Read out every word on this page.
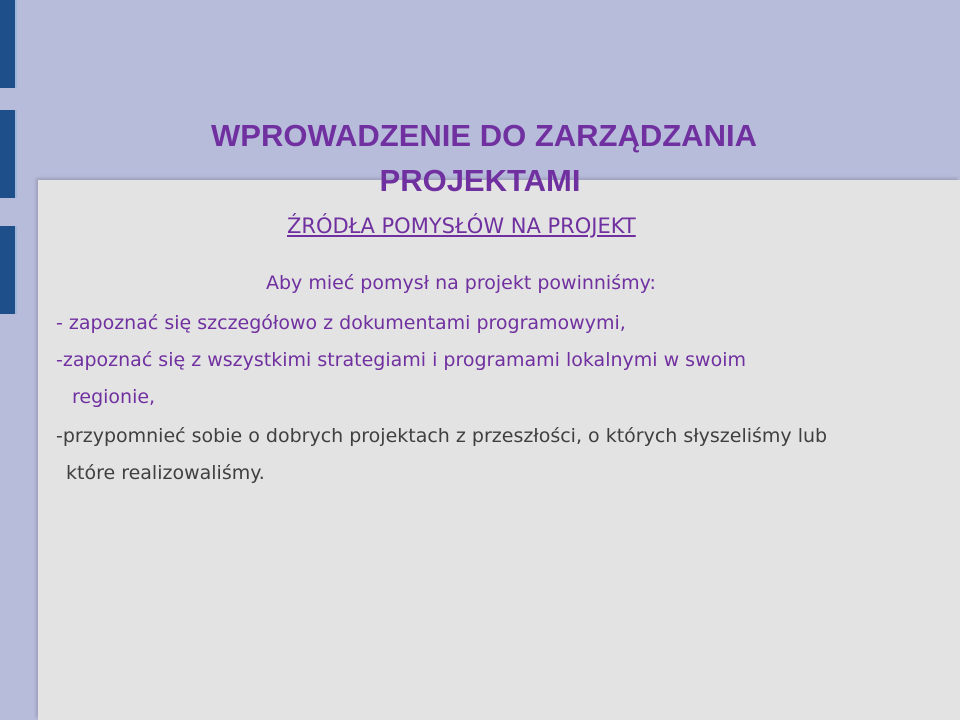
WPROWADZENIE DO ZARZĄDZANIA
PROJEKTAMI
ŹRÓDŁA POMYSŁÓW NA PROJEKT
Aby mieć pomysł na projekt powinniśmy:

- zapoznać się szczegółowo z dokumentami programowymi,

-zapoznać się z wszystkimi strategiami i programami lokalnymi w swoim
regionie,

-przypomnieć sobie o dobrych projektach z przeszłości, o których słyszeliśmy lub
które realizowaliśmy.
